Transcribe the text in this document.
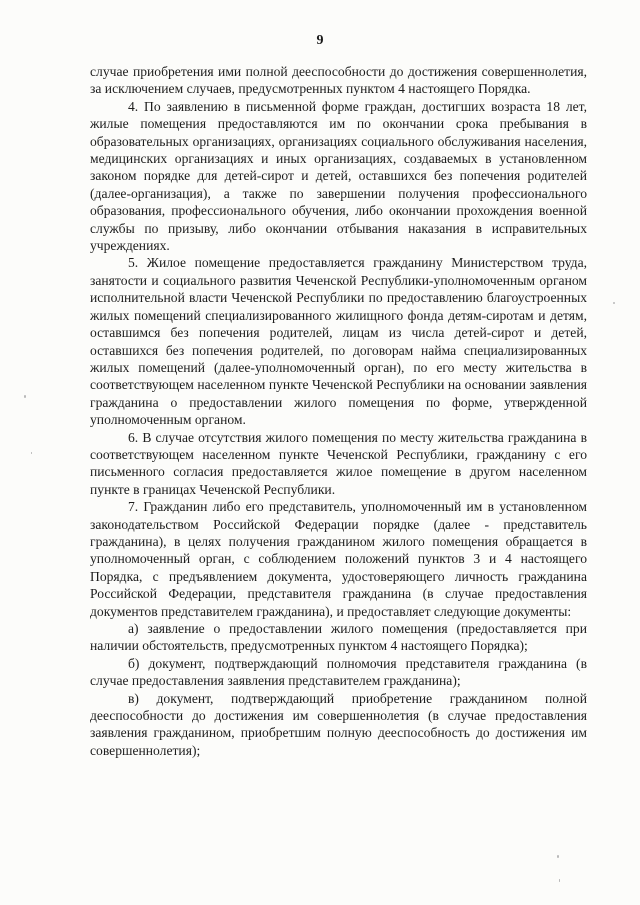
9

случае приобретения ими полной дееспособности до достижения совершеннолетия, за исключением случаев, предусмотренных пунктом 4 настоящего Порядка.

4. По заявлению в письменной форме граждан, достигших возраста 18 лет, жилые помещения предоставляются им по окончании срока пребывания в образовательных организациях, организациях социального обслуживания населения, медицинских организациях и иных организациях, создаваемых в установленном законом порядке для детей-сирот и детей, оставшихся без попечения родителей (далее-организация), а также по завершении получения профессионального образования, профессионального обучения, либо окончании прохождения военной службы по призыву, либо окончании отбывания наказания в исправительных учреждениях.

5. Жилое помещение предоставляется гражданину Министерством труда, занятости и социального развития Чеченской Республики-уполномоченным органом исполнительной власти Чеченской Республики по предоставлению благоустроенных жилых помещений специализированного жилищного фонда детям-сиротам и детям, оставшимся без попечения родителей, лицам из числа детей-сирот и детей, оставшихся без попечения родителей, по договорам найма специализированных жилых помещений (далее-уполномоченный орган), по его месту жительства в соответствующем населенном пункте Чеченской Республики на основании заявления гражданина о предоставлении жилого помещения по форме, утвержденной уполномоченным органом.

6. В случае отсутствия жилого помещения по месту жительства гражданина в соответствующем населенном пункте Чеченской Республики, гражданину с его письменного согласия предоставляется жилое помещение в другом населенном пункте в границах Чеченской Республики.

7. Гражданин либо его представитель, уполномоченный им в установленном законодательством Российской Федерации порядке (далее - представитель гражданина), в целях получения гражданином жилого помещения обращается в уполномоченный орган, с соблюдением положений пунктов 3 и 4 настоящего Порядка, с предъявлением документа, удостоверяющего личность гражданина Российской Федерации, представителя гражданина (в случае предоставления документов представителем гражданина), и предоставляет следующие документы:

а) заявление о предоставлении жилого помещения (предоставляется при наличии обстоятельств, предусмотренных пунктом 4 настоящего Порядка);

б) документ, подтверждающий полномочия представителя гражданина (в случае предоставления заявления представителем гражданина);

в) документ, подтверждающий приобретение гражданином полной дееспособности до достижения им совершеннолетия (в случае предоставления заявления гражданином, приобретшим полную дееспособность до достижения им совершеннолетия);
